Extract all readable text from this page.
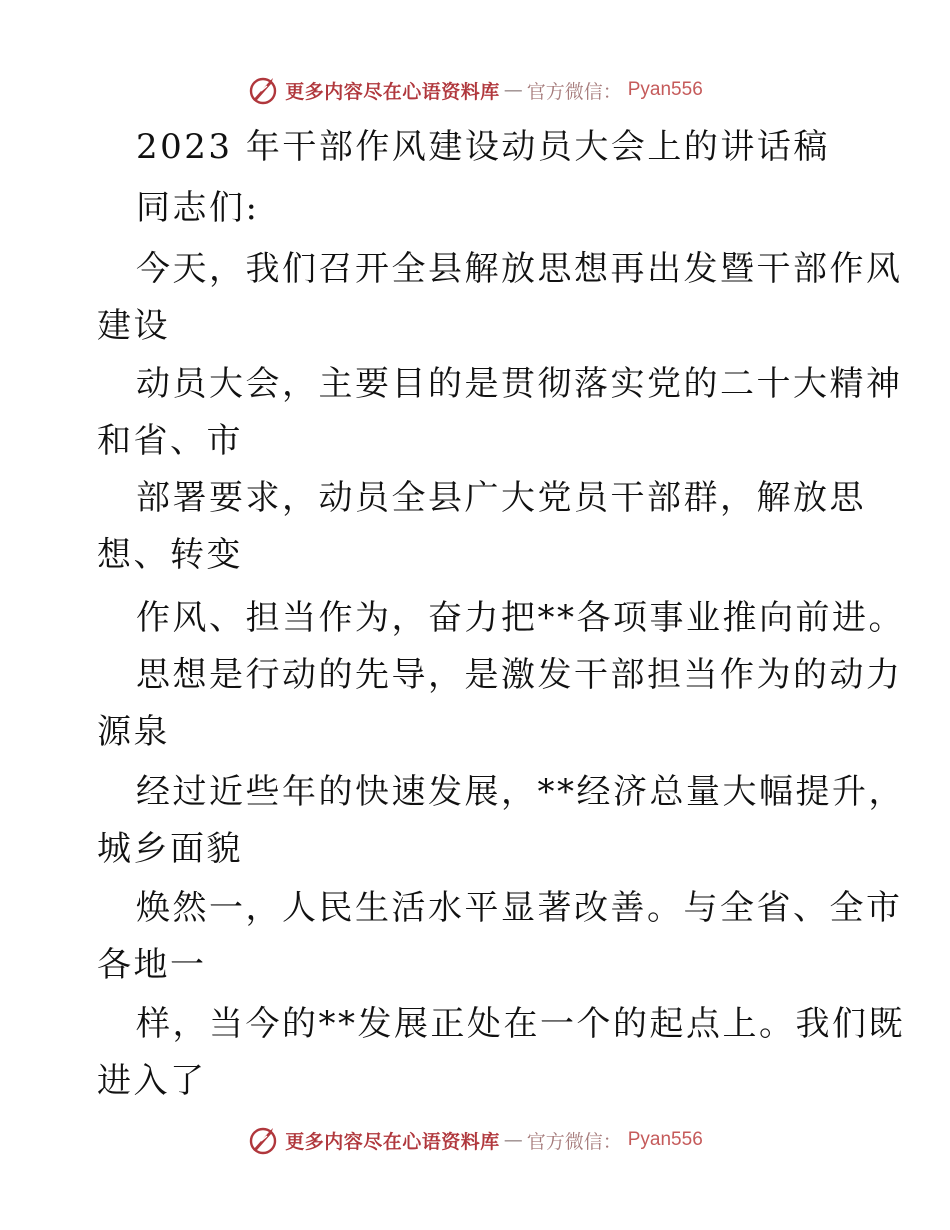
更多内容尽在心语资料库 — 官方微信： Pyan556
2023 年干部作风建设动员大会上的讲话稿
同志们:
今天，我们召开全县解放思想再出发暨干部作风
建设
动员大会，主要目的是贯彻落实党的二十大精神
和省、市
部署要求，动员全县广大党员干部群，解放思
想、转变
作风、担当作为，奋力把**各项事业推向前进。
思想是行动的先导，是激发干部担当作为的动力
源泉
经过近些年的快速发展，**经济总量大幅提升，
城乡面貌
焕然一，人民生活水平显著改善。与全省、全市
各地一
样，当今的**发展正处在一个的起点上。我们既
进入了
更多内容尽在心语资料库 — 官方微信： Pyan556
